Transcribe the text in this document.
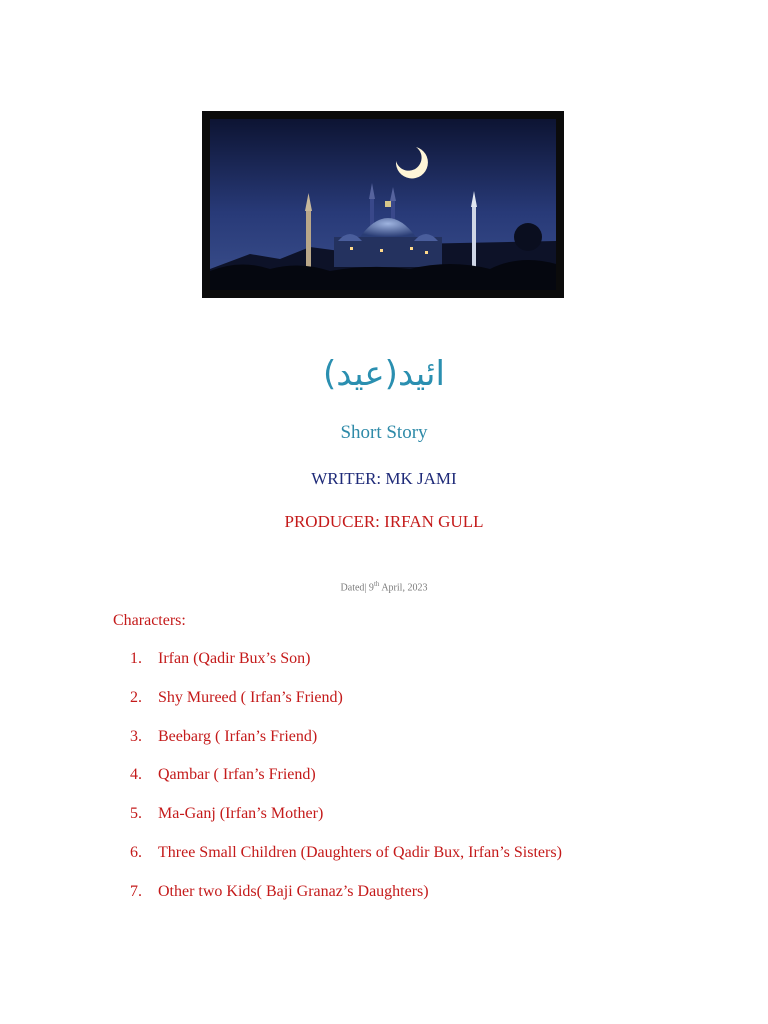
ائید(عید)
Short Story
WRITER: MK JAMI
PRODUCER: IRFAN GULL
Dated| 9th April, 2023
Characters:
1. Irfan (Qadir Bux’s Son)
2. Shy Mureed ( Irfan’s Friend)
3. Beebarg ( Irfan’s Friend)
4. Qambar ( Irfan’s Friend)
5. Ma-Ganj (Irfan’s Mother)
6. Three Small Children (Daughters of Qadir Bux, Irfan’s Sisters)
7. Other two Kids( Baji Granaz’s Daughters)
